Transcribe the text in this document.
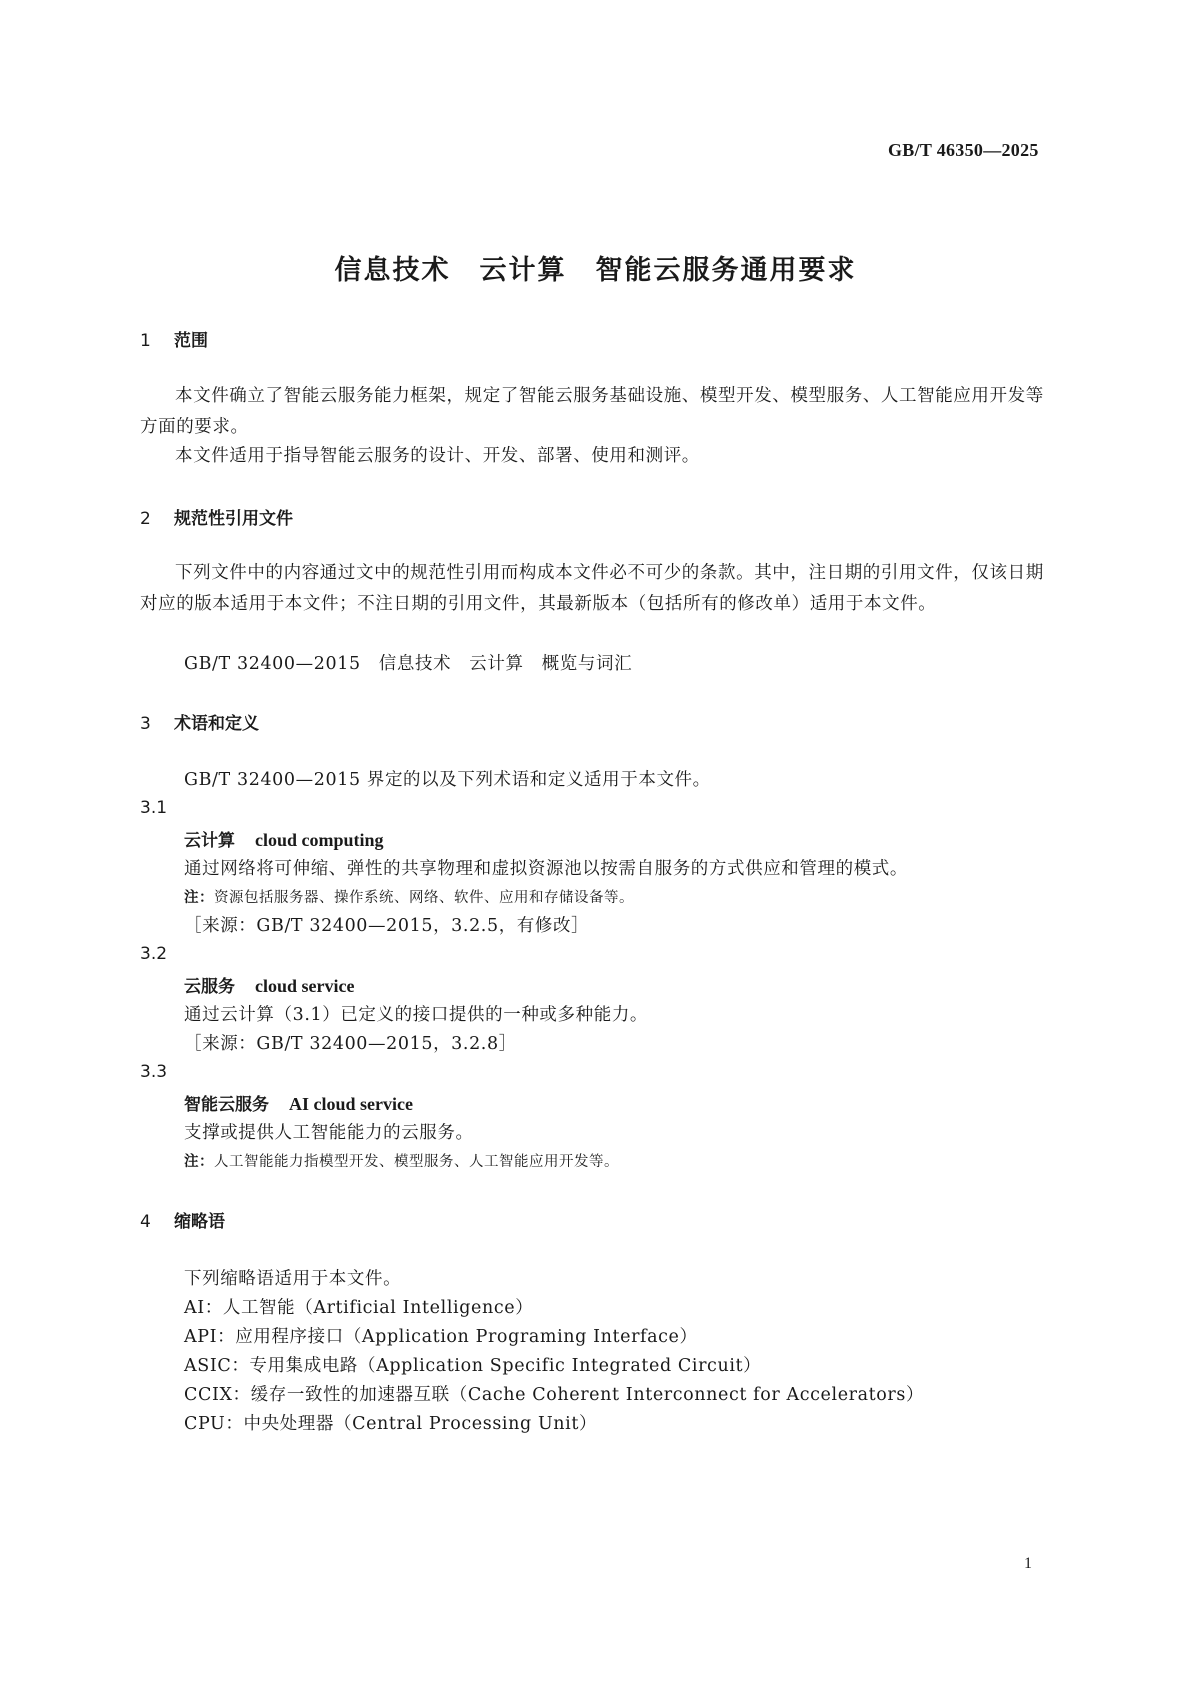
GB/T 46350—2025
信息技术　云计算　智能云服务通用要求
1 范围
本文件确立了智能云服务能力框架，规定了智能云服务基础设施、模型开发、模型服务、人工智能应用开发等方面的要求。
本文件适用于指导智能云服务的设计、开发、部署、使用和测评。
2 规范性引用文件
下列文件中的内容通过文中的规范性引用而构成本文件必不可少的条款。其中，注日期的引用文件，仅该日期对应的版本适用于本文件；不注日期的引用文件，其最新版本（包括所有的修改单）适用于本文件。
GB/T 32400—2015　信息技术　云计算　概览与词汇
3 术语和定义
GB/T 32400—2015 界定的以及下列术语和定义适用于本文件。
3.1
云计算 cloud computing
通过网络将可伸缩、弹性的共享物理和虚拟资源池以按需自服务的方式供应和管理的模式。
注：资源包括服务器、操作系统、网络、软件、应用和存储设备等。
［来源：GB/T 32400—2015，3.2.5，有修改］
3.2
云服务 cloud service
通过云计算（3.1）已定义的接口提供的一种或多种能力。
［来源：GB/T 32400—2015，3.2.8］
3.3
智能云服务 AI cloud service
支撑或提供人工智能能力的云服务。
注：人工智能能力指模型开发、模型服务、人工智能应用开发等。
4 缩略语
下列缩略语适用于本文件。
AI：人工智能（Artificial Intelligence）
API：应用程序接口（Application Programing Interface）
ASIC：专用集成电路（Application Specific Integrated Circuit）
CCIX：缓存一致性的加速器互联（Cache Coherent Interconnect for Accelerators）
CPU：中央处理器（Central Processing Unit）
1
